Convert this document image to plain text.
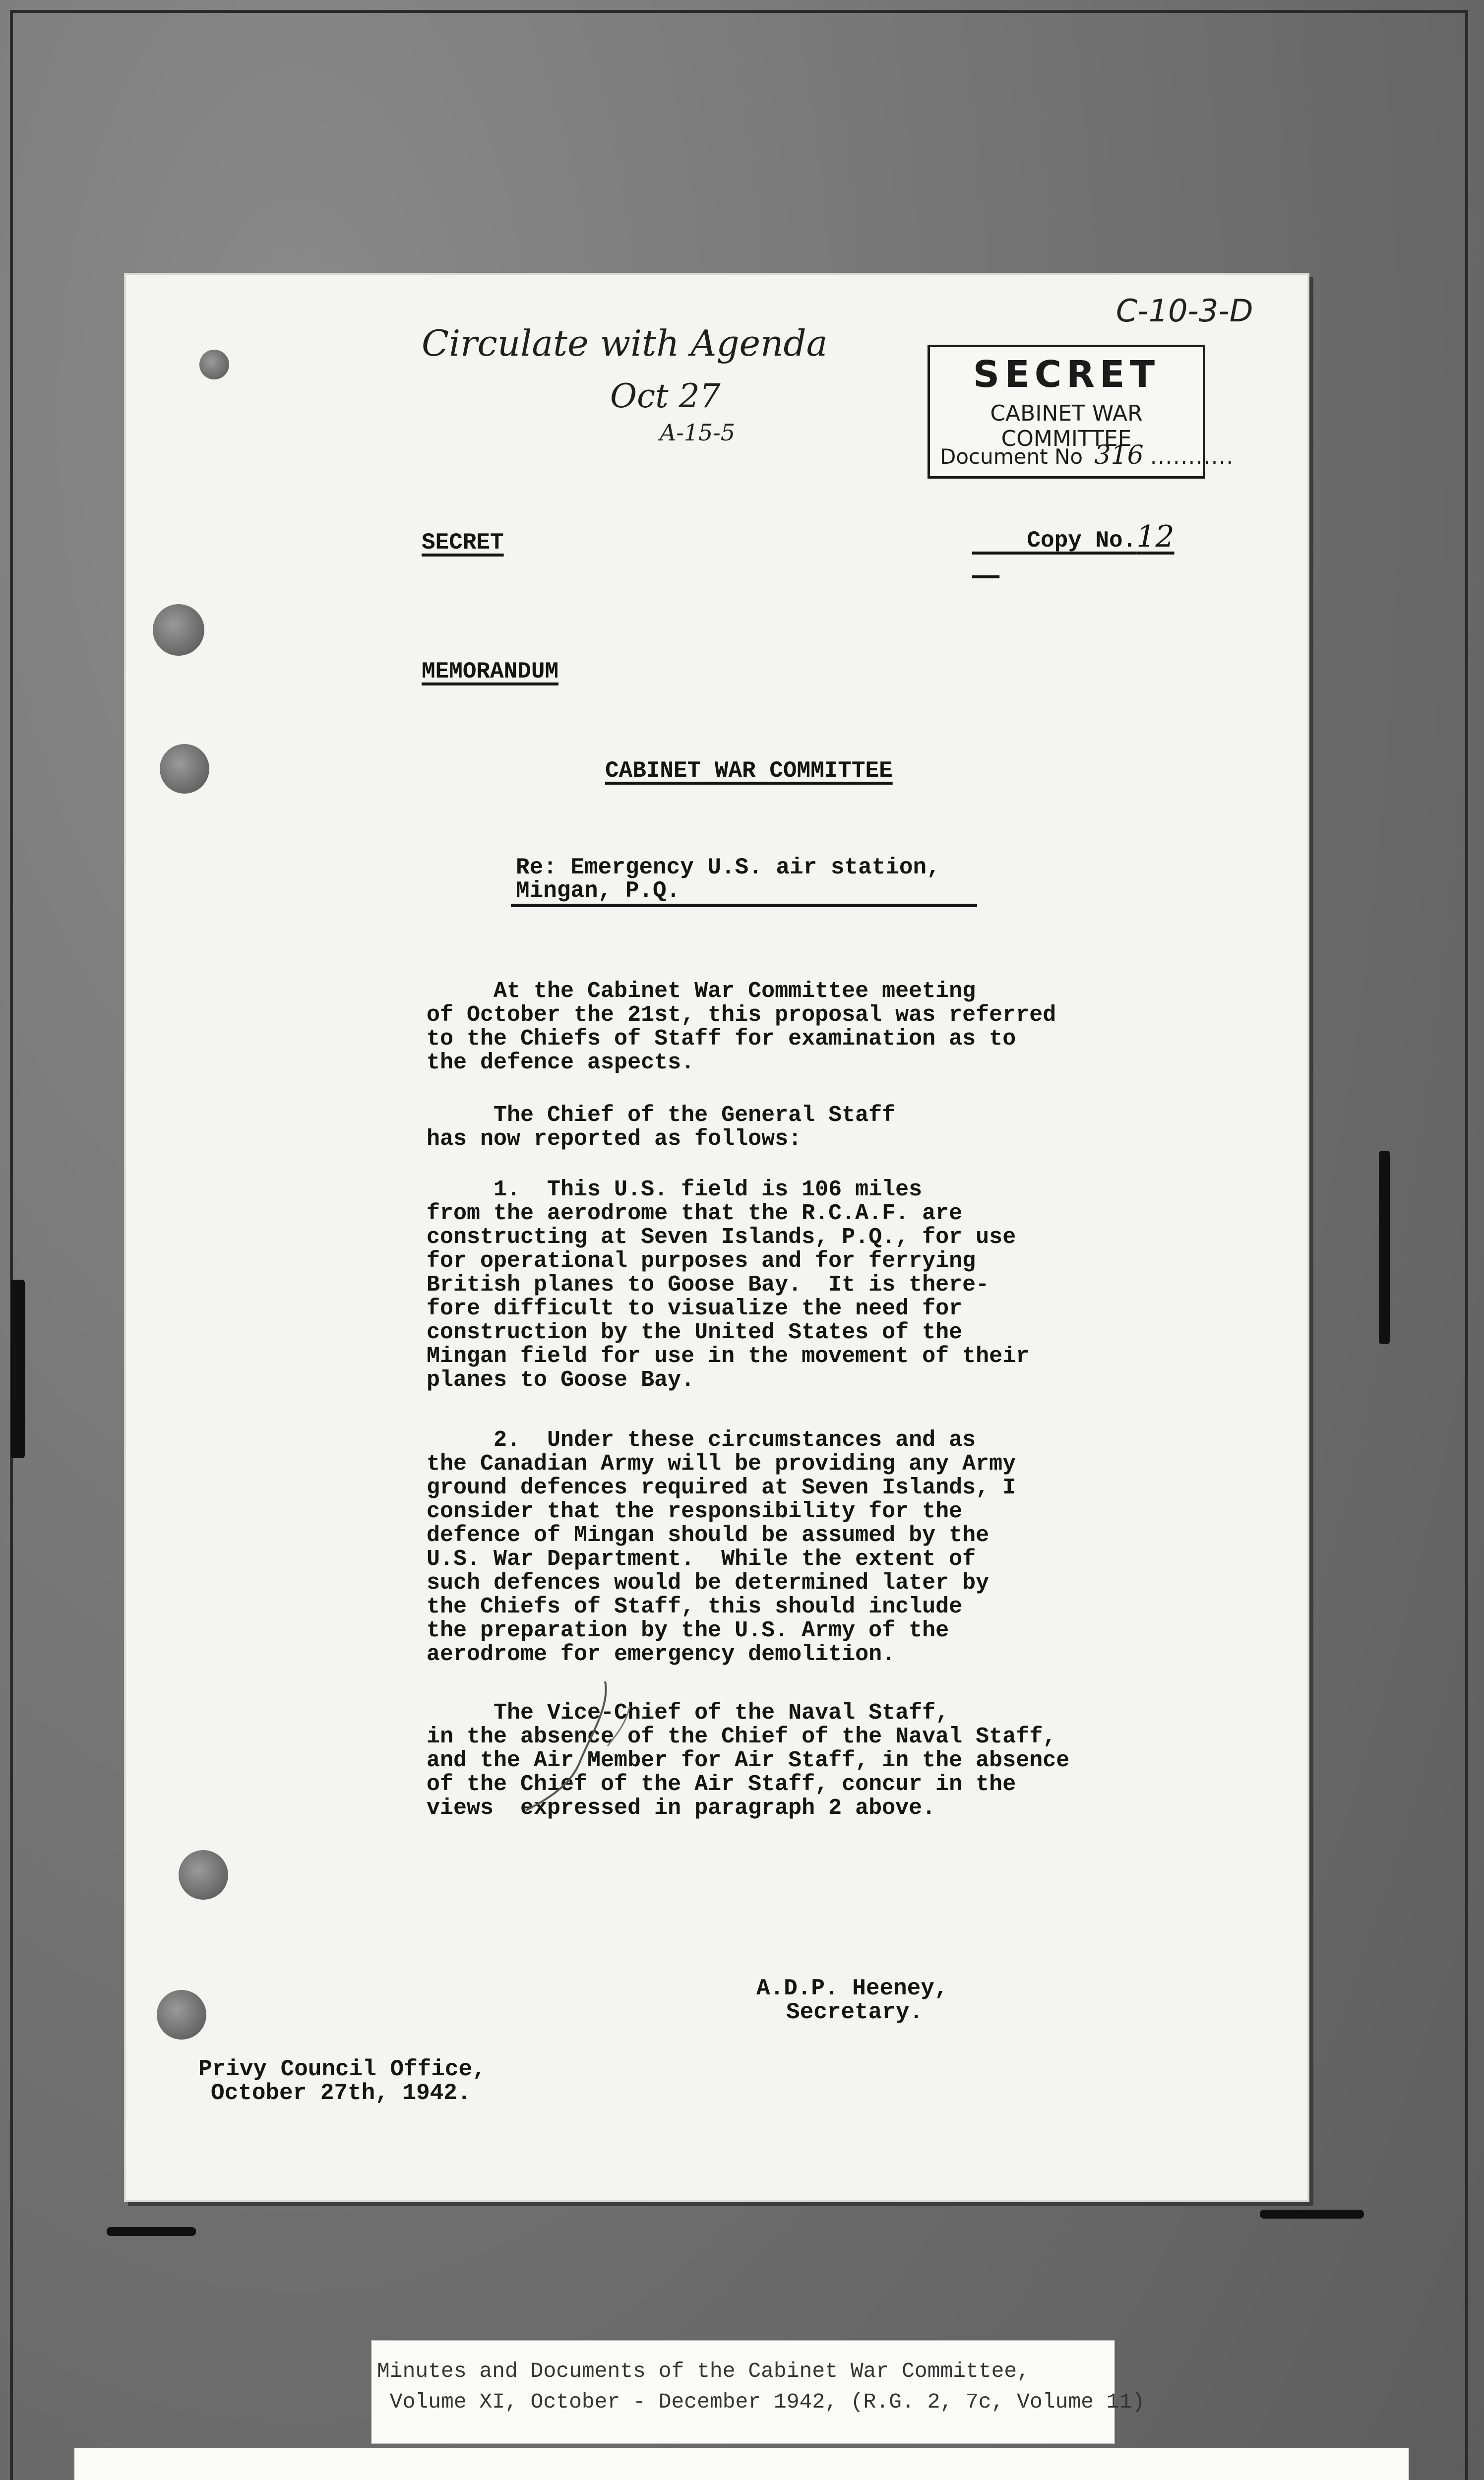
C-10-3-D
Circulate with Agenda
Oct 27
A-15-5
SECRET
CABINET WAR COMMITTEE
Document No 316 ...........

Copy No.12

SECRET
MEMORANDUM
CABINET WAR COMMITTEE
Re: Emergency U.S. air station,
Mingan, P.Q.
At the Cabinet War Committee meeting
of October the 21st, this proposal was referred
to the Chiefs of Staff for examination as to
the defence aspects.
The Chief of the General Staff
has now reported as follows:
1.  This U.S. field is 106 miles
from the aerodrome that the R.C.A.F. are
constructing at Seven Islands, P.Q., for use
for operational purposes and for ferrying
British planes to Goose Bay.  It is there-
fore difficult to visualize the need for
construction by the United States of the
Mingan field for use in the movement of their
planes to Goose Bay.
2.  Under these circumstances and as
the Canadian Army will be providing any Army
ground defences required at Seven Islands, I
consider that the responsibility for the
defence of Mingan should be assumed by the
U.S. War Department.  While the extent of
such defences would be determined later by
the Chiefs of Staff, this should include
the preparation by the U.S. Army of the
aerodrome for emergency demolition.
The Vice-Chief of the Naval Staff,
in the absence of the Chief of the Naval Staff,
and the Air Member for Air Staff, in the absence
of the Chief of the Air Staff, concur in the
views  expressed in paragraph 2 above.
A.D.P. Heeney,
Secretary.
Privy Council Office,
October 27th, 1942.
Minutes and Documents of the Cabinet War Committee,
Volume XI, October - December 1942, (R.G. 2, 7c, Volume 11)
